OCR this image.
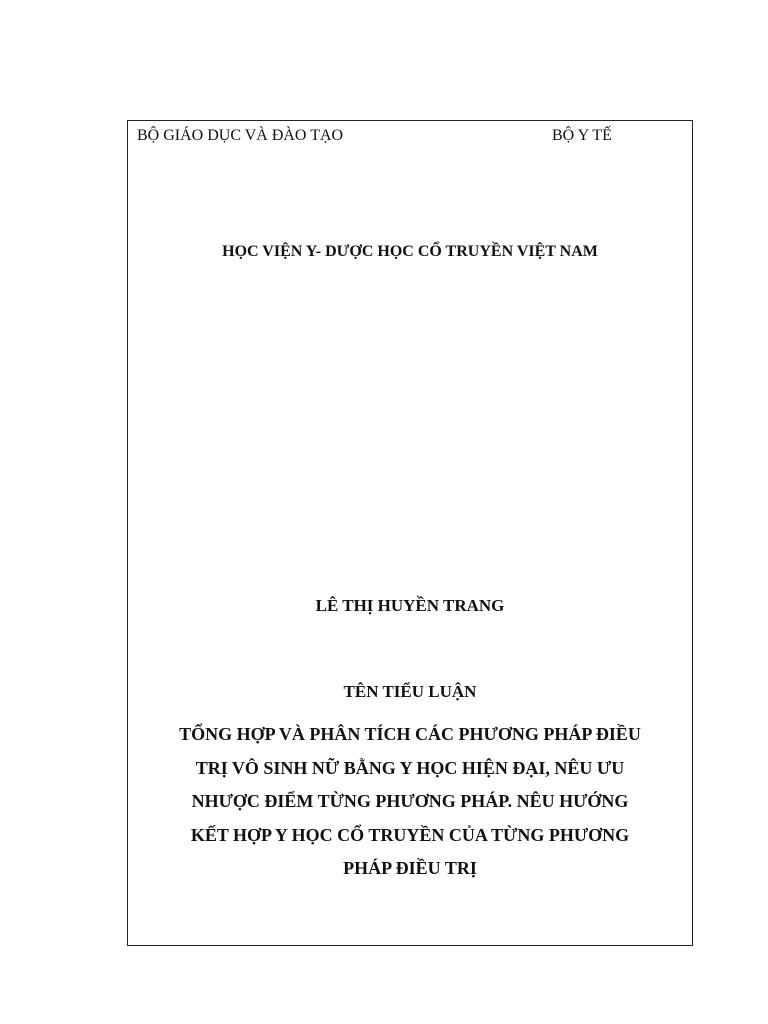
BỘ GIÁO DỤC VÀ ĐÀO TẠO	BỘ Y TẾ
HỌC VIỆN Y- DƯỢC HỌC CỔ TRUYỀN VIỆT NAM
LÊ THỊ HUYỀN TRANG
TÊN TIỂU LUẬN
TỔNG HỢP VÀ PHÂN TÍCH CÁC PHƯƠNG PHÁP ĐIỀU
TRỊ VÔ SINH NỮ BẰNG Y HỌC HIỆN ĐẠI, NÊU ƯU
NHƯỢC ĐIỂM TỪNG PHƯƠNG PHÁP. NÊU HƯỚNG
KẾT HỢP Y HỌC CỔ TRUYỀN CỦA TỪNG PHƯƠNG
PHÁP ĐIỀU TRỊ
